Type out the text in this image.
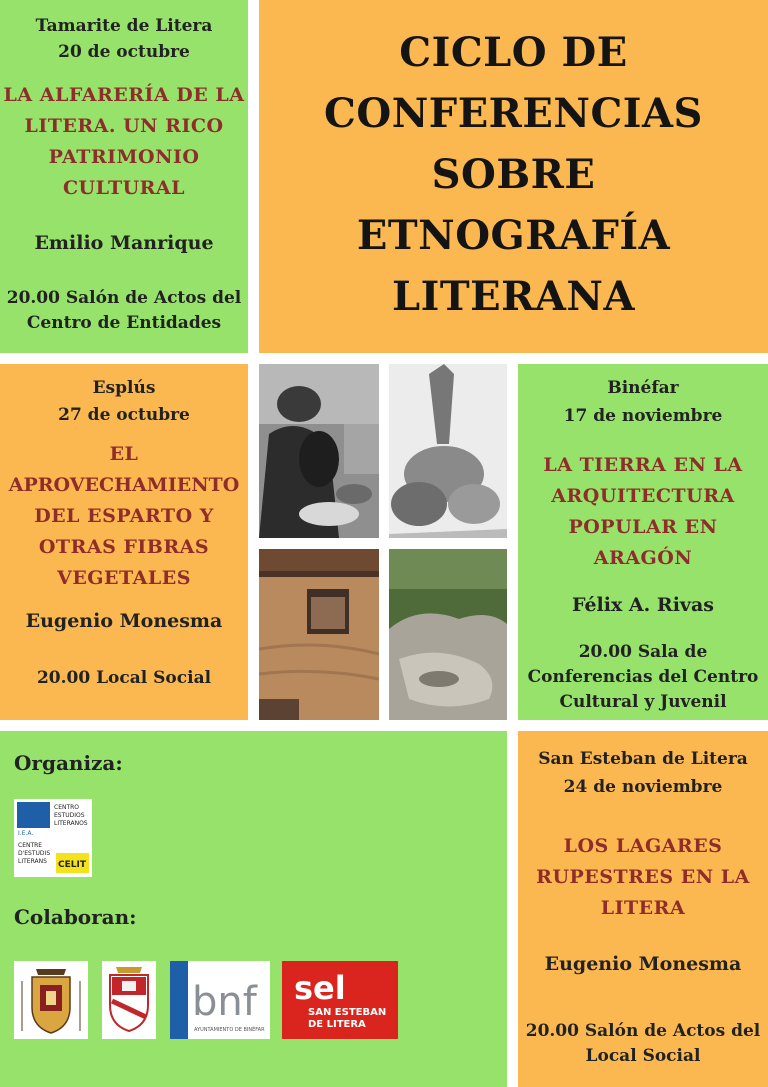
Tamarite de Litera
20 de octubre
LA ALFARERÍA DE LA
LITERA. UN RICO
PATRIMONIO
CULTURAL
Emilio Manrique
20.00 Salón de Actos del
Centro de Entidades
CICLO DE
CONFERENCIAS
SOBRE
ETNOGRAFÍA
LITERANA
Esplús
27 de octubre
EL
APROVECHAMIENTO
DEL ESPARTO Y
OTRAS FIBRAS
VEGETALES
Eugenio Monesma
20.00 Local Social
Binéfar
17 de noviembre
LA TIERRA EN LA
ARQUITECTURA
POPULAR EN
ARAGÓN
Félix A. Rivas
20.00 Sala de
Conferencias del Centro
Cultural y Juvenil
Organiza:
I.E.A.
CENTRO
ESTUDIOS
LITERANOS
CENTRE
D'ESTUDIS
LITERANS CELIT
Colaboran:
bnf
AYUNTAMIENTO DE BINÉFAR
sel
SAN ESTEBAN
DE LITERA
San Esteban de Litera
24 de noviembre
LOS LAGARES
RUPESTRES EN LA
LITERA
Eugenio Monesma
20.00 Salón de Actos del
Local Social
